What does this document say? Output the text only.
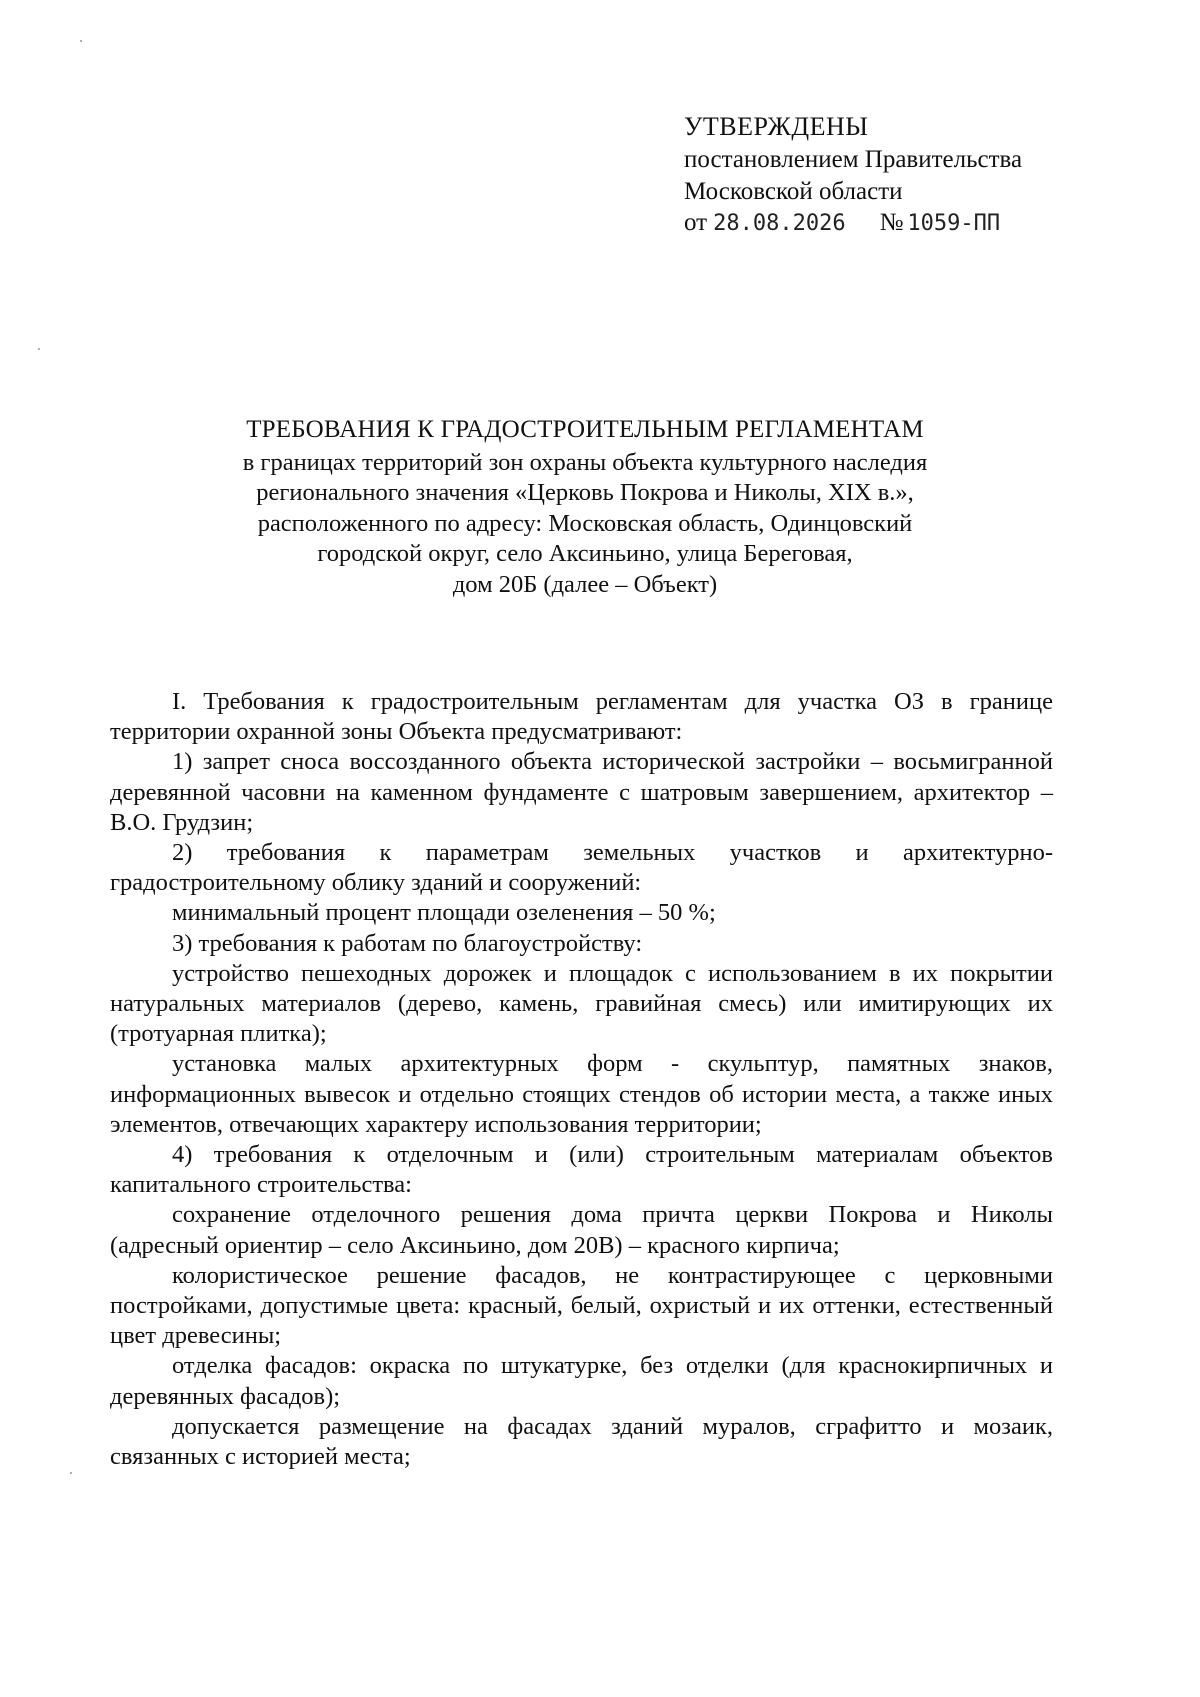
УТВЕРЖДЕНЫ
постановлением Правительства
Московской области
от 28.08.2026 № 1059-ПП
ТРЕБОВАНИЯ К ГРАДОСТРОИТЕЛЬНЫМ РЕГЛАМЕНТАМ
в границах территорий зон охраны объекта культурного наследия
регионального значения «Церковь Покрова и Николы, XIX в.»,
расположенного по адресу: Московская область, Одинцовский
городской округ, село Аксиньино, улица Береговая,
дом 20Б (далее – Объект)

I. Требования к градостроительным регламентам для участка ОЗ в границе территории охранной зоны Объекта предусматривают:

1) запрет сноса воссозданного объекта исторической застройки – восьмигранной деревянной часовни на каменном фундаменте с шатровым завершением, архитектор – В.О. Грудзин;

2) требования к параметрам земельных участков и архитектурно-градостроительному облику зданий и сооружений:

минимальный процент площади озеленения – 50 %;

3) требования к работам по благоустройству:

устройство пешеходных дорожек и площадок с использованием в их покрытии натуральных материалов (дерево, камень, гравийная смесь) или имитирующих их (тротуарная плитка);

установка малых архитектурных форм - скульптур, памятных знаков, информационных вывесок и отдельно стоящих стендов об истории места, а также иных элементов, отвечающих характеру использования территории;

4) требования к отделочным и (или) строительным материалам объектов капитального строительства:

сохранение отделочного решения дома причта церкви Покрова и Николы (адресный ориентир – село Аксиньино, дом 20В) – красного кирпича;

колористическое решение фасадов, не контрастирующее с церковными постройками, допустимые цвета: красный, белый, охристый и их оттенки, естественный цвет древесины;

отделка фасадов: окраска по штукатурке, без отделки (для краснокирпичных и деревянных фасадов);

допускается размещение на фасадах зданий муралов, сграфитто и мозаик, связанных с историей места;
